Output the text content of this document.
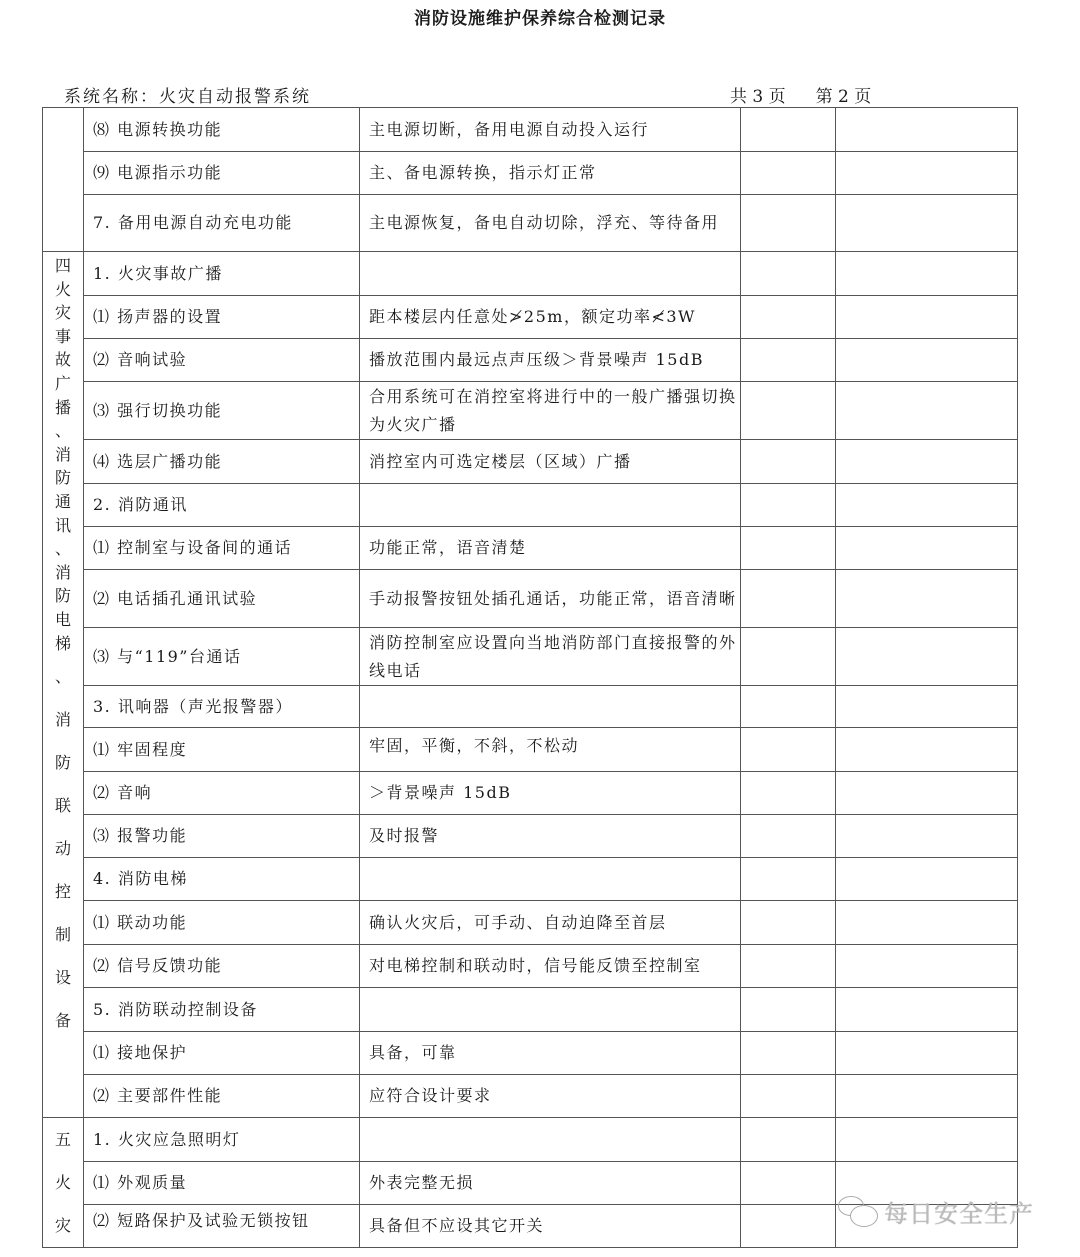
消防设施维护保养综合检测记录
系统名称：火灾自动报警系统	共 3 页 第 2 页
	⑻ 电源转换功能	主电源切断，备用电源自动投入运行		
	⑼ 电源指示功能	主、备电源转换，指示灯正常		
	7. 备用电源自动充电功能	主电源恢复，备电自动切除，浮充、等待备用		

四
火
灾
事
故
广
播
、
消
防
通
讯
、
消
防
电
梯
、
消
防
联
动
控
制
设
备
	1. 火灾事故广播			
	⑴ 扬声器的设置	距本楼层内任意处≯25m，额定功率≮3W		
	⑵ 音响试验	播放范围内最远点声压级＞背景噪声 15dB		
	⑶ 强行切换功能	合用系统可在消控室将进行中的一般广播强切换为火灾广播		
	⑷ 选层广播功能	消控室内可选定楼层（区域）广播		
	2. 消防通讯			
	⑴ 控制室与设备间的通话	功能正常，语音清楚		
	⑵ 电话插孔通讯试验	手动报警按钮处插孔通话，功能正常，语音清晰		
	⑶ 与“119”台通话	消防控制室应设置向当地消防部门直接报警的外线电话		
	3. 讯响器（声光报警器）			
	⑴ 牢固程度	牢固，平衡，不斜，不松动		
	⑵ 音响	＞背景噪声 15dB		
	⑶ 报警功能	及时报警		
	4. 消防电梯			
	⑴ 联动功能	确认火灾后，可手动、自动迫降至首层		
	⑵ 信号反馈功能	对电梯控制和联动时，信号能反馈至控制室		
	5. 消防联动控制设备			
	⑴ 接地保护	具备，可靠		
	⑵ 主要部件性能	应符合设计要求		

五
火
灾	1. 火灾应急照明灯			
	⑴ 外观质量	外表完整无损		
	⑵ 短路保护及试验无锁按钮	具备但不应设其它开关			每日安全生产
